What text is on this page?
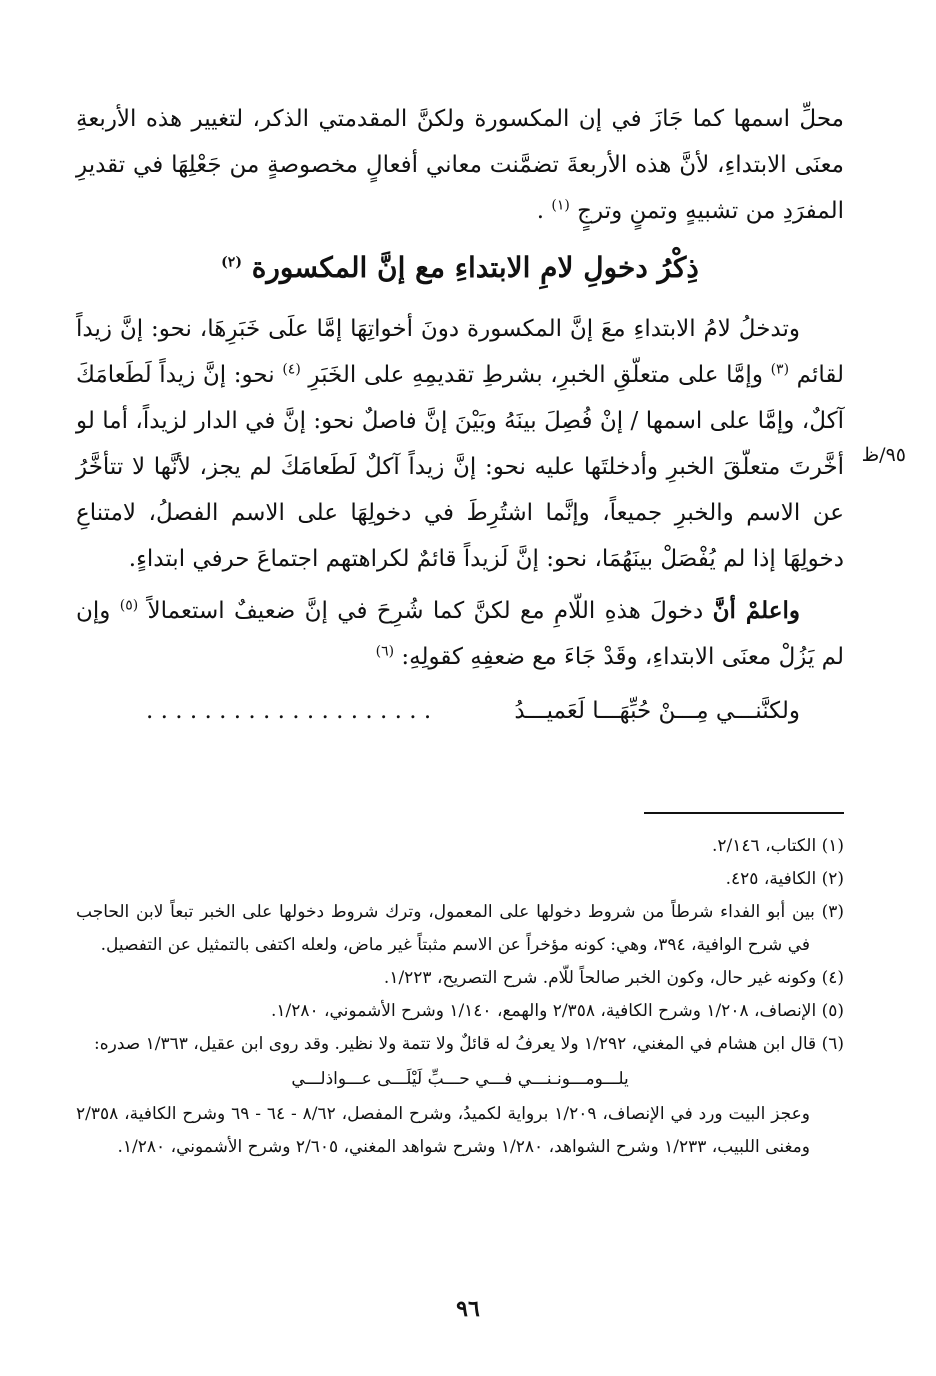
محلِّ اسمها كما جَازَ في إن المكسورة ولكنَّ المقدمتي الذكر، لتغيير هذه الأربعةِ معنَى الابتداءِ، لأنَّ هذه الأربعةَ تضمَّنت معاني أفعالٍ مخصوصةٍ من جَعْلِهَا في تقديرِ المفرَدِ من تشبيهٍ وتمنٍ وترجٍ $^{(١)}$ .

ذِكْرُ دخولِ لامِ الابتداءِ مع إنَّ المكسورة $^{(٢)}$

وتدخلُ لامُ الابتداءِ معَ إنَّ المكسورة دونَ أخواتِهَا إمَّا علَى خَبَرِهَا، نحو: إنَّ زيداً لقائم $^{(٣)}$ وإمَّا على متعلّقِ الخبرِ، بشرطِ تقديمِهِ على الخَبَرِ $^{(٤)}$ نحو: إنَّ زيداً لَطَعامَكَ آكلٌ، وإمَّا على اسمها / إنْ فُصِلَ بينَهُ وبَيْنَ إنَّ فاصلٌ نحو: إنَّ في الدار لزيداً، أما لو أخَّرتَ متعلّقَ الخبرِ وأدخلتَها عليه نحو: إنَّ زيداً آكلٌ لَطَعامَكَ لم يجز، لأنَّها لا تتأخَّرُ عن الاسم والخبرِ جميعاً، وإنَّما اشتُرِطَ في دخولِهَا على الاسم الفصلُ، لامتناعِ دخولِهَا إذا لم يُفْصَلْ بينَهُمَا، نحو: إنَّ لَزيداً قائمٌ لكراهتهم اجتماعَ حرفي ابتداءٍ.

واعلمْ أنَّ دخولَ هذهِ اللّامِ مع لكنَّ كما شُرِحَ في إنَّ ضعيفٌ استعمالاً $^{(٥)}$ وإن لم يَزُلْ معنَى الابتداءِ، وقَدْ جَاءَ مع ضعفِهِ كقولِهِ: $^{(٦)}$

ولكنَّنـــي مِـــنْ حُبِّهَـــا لَعَميـــدُ
. . . . . . . . . . . . . . . . . . . .
٩٥/ظ

(١) الكتاب، ٢/١٤٦.

(٢) الكافية، ٤٢٥.

(٣) بين أبو الفداء شرطاً من شروط دخولها على المعمول، وترك شروط دخولها على الخبر تبعاً لابن الحاجب في شرح الوافية، ٣٩٤، وهي: كونه مؤخراً عن الاسم مثبتاً غير ماض، ولعله اكتفى بالتمثيل عن التفصيل.

(٤) وكونه غير حال، وكون الخبر صالحاً للّام. شرح التصريح، ١/٢٢٣.

(٥) الإنصاف، ١/٢٠٨ وشرح الكافية، ٢/٣٥٨ والهمع، ١/١٤٠ وشرح الأشموني، ١/٢٨٠.

(٦) قال ابن هشام في المغني، ١/٢٩٢ ولا يعرفُ له قائلٌ ولا تتمة ولا نظير. وقد روى ابن عقيل، ١/٣٦٣ صدره:

يلـــومـــونـنـــي فـــي حـــبِّ لَيْلَـــى عـــواذلـــي

وعجز البيت ورد في الإنصاف، ١/٢٠٩ برواية لكميدُ، وشرح المفصل، ٨/٦٢ - ٦٤ - ٦٩ وشرح الكافية، ٢/٣٥٨ ومغنى اللبيب، ١/٢٣٣ وشرح الشواهد، ١/٢٨٠ وشرح شواهد المغني، ٢/٦٠٥ وشرح الأشموني، ١/٢٨٠.

٩٦
